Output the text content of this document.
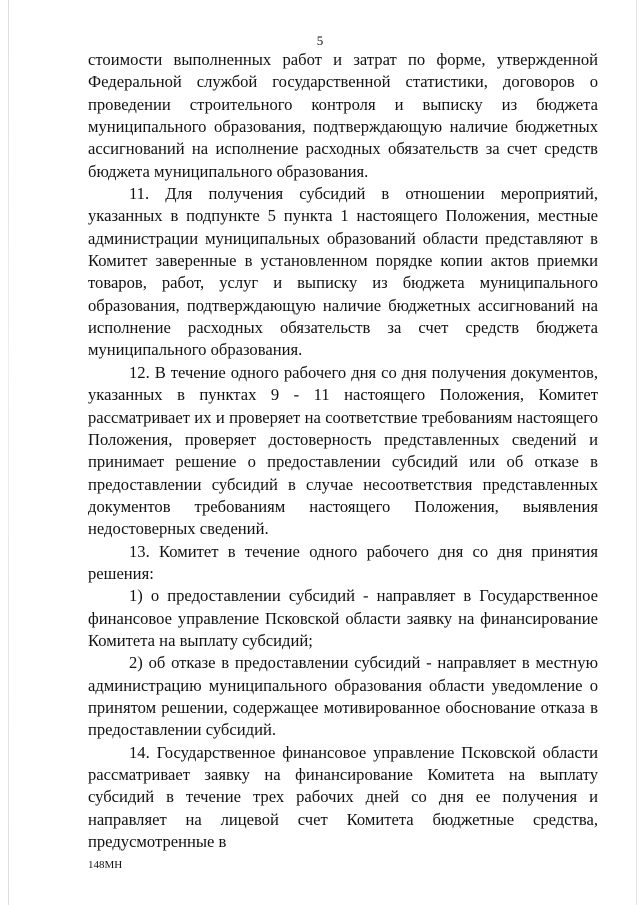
5

стоимости выполненных работ и затрат по форме, утвержденной Федеральной службой государственной статистики, договоров о проведении строительного контроля и выписку из бюджета муниципального образования, подтверждающую наличие бюджетных ассигнований на исполнение расходных обязательств за счет средств бюджета муниципального образования.

11. Для получения субсидий в отношении мероприятий, указанных в подпункте 5 пункта 1 настоящего Положения, местные администрации муниципальных образований области представляют в Комитет заверенные в установленном порядке копии актов приемки товаров, работ, услуг и выписку из бюджета муниципального образования, подтверждающую наличие бюджетных ассигнований на исполнение расходных обязательств за счет средств бюджета муниципального образования.

12. В течение одного рабочего дня со дня получения документов, указанных в пунктах 9 - 11 настоящего Положения, Комитет рассматривает их и проверяет на соответствие требованиям настоящего Положения, проверяет достоверность представленных сведений и принимает решение о предоставлении субсидий или об отказе в предоставлении субсидий в случае несоответствия представленных документов требованиям настоящего Положения, выявления недостоверных сведений.

13. Комитет в течение одного рабочего дня со дня принятия решения:

1) о предоставлении субсидий - направляет в Государственное финансовое управление Псковской области заявку на финансирование Комитета на выплату субсидий;

2) об отказе в предоставлении субсидий - направляет в местную администрацию муниципального образования области уведомление о принятом решении, содержащее мотивированное обоснование отказа в предоставлении субсидий.

14. Государственное финансовое управление Псковской области рассматривает заявку на финансирование Комитета на выплату субсидий в течение трех рабочих дней со дня ее получения и направляет на лицевой счет Комитета бюджетные средства, предусмотренные в

148МН
